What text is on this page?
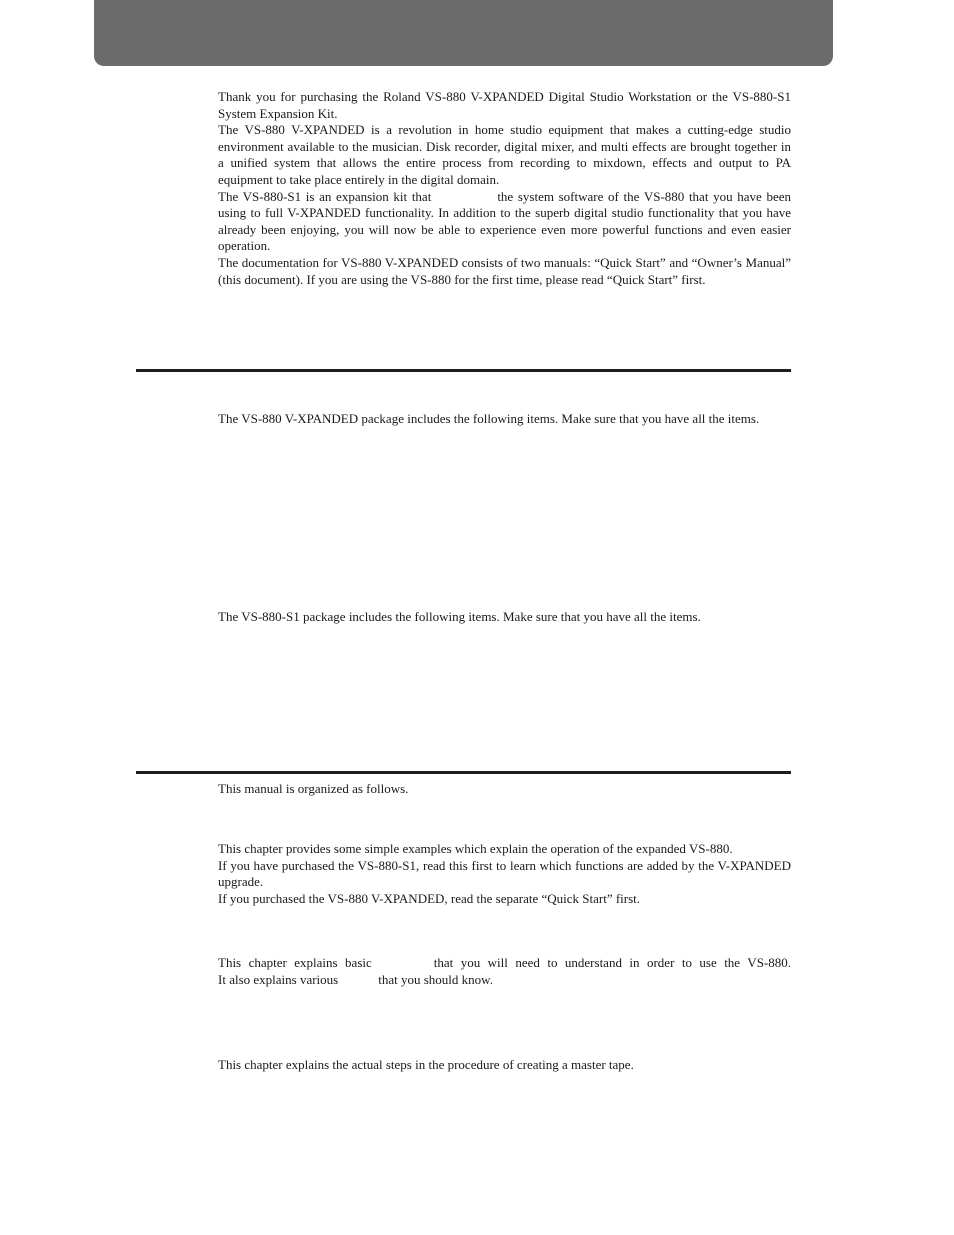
Thank you for purchasing the Roland VS-880 V-XPANDED Digital Studio Workstation or the VS-880-S1 System Expansion Kit.

The VS-880 V-XPANDED is a revolution in home studio equipment that makes a cutting-edge studio environment available to the musician. Disk recorder, digital mixer, and multi effects are brought together in a unified system that allows the entire process from recording to mixdown, effects and output to PA equipment to take place entirely in the digital domain.

The VS-880-S1 is an expansion kit that	the system software of the VS-880 that you have been using to full V-XPANDED functionality. In addition to the superb digital studio functionality that you have already been enjoying, you will now be able to experience even more powerful functions and even easier operation.

The documentation for VS-880 V-XPANDED consists of two manuals: “Quick Start” and “Owner’s Manual” (this document). If you are using the VS-880 for the first time, please read “Quick Start” first.

The VS-880 V-XPANDED package includes the following items. Make sure that you have all the items.

The VS-880-S1 package includes the following items. Make sure that you have all the items.

This manual is organized as follows.

This chapter provides some simple examples which explain the operation of the expanded VS-880.

If you have purchased the VS-880-S1, read this first to learn which functions are added by the V-XPANDED upgrade.

If you purchased the VS-880 V-XPANDED, read the separate “Quick Start” first.

This chapter explains basic	that you will need to understand in order to use the VS-880.

It also explains various	that you should know.

This chapter explains the actual steps in the procedure of creating a master tape.
